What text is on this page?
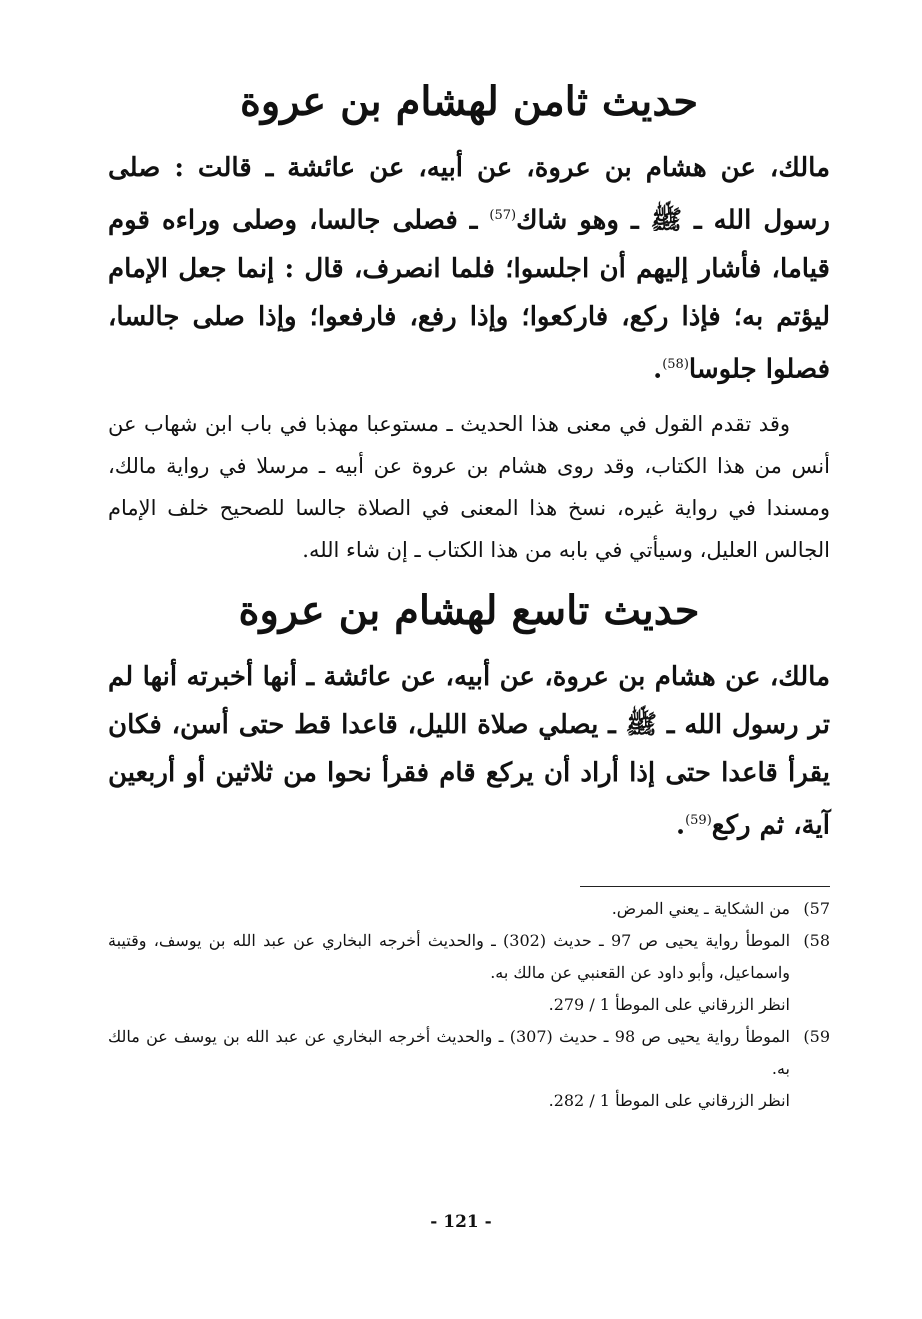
حديث ثامن لهشام بن عروة

مالك، عن هشام بن عروة، عن أبيه، عن عائشة ـ قالت : صلى رسول الله ـ ﷺ ـ وهو شاك$^{(57)}$ ـ فصلى جالسا، وصلى وراءه قوم قياما، فأشار إليهم أن اجلسوا؛ فلما انصرف، قال : إنما جعل الإمام ليؤتم به؛ فإذا ركع، فاركعوا؛ وإذا رفع، فارفعوا؛ وإذا صلى جالسا، فصلوا جلوسا$^{(58)}$.

وقد تقدم القول في معنى هذا الحديث ـ مستوعبا مهذبا في باب ابن شهاب عن أنس من هذا الكتاب، وقد روى هشام بن عروة عن أبيه ـ مرسلا في رواية مالك، ومسندا في رواية غيره، نسخ هذا المعنى في الصلاة جالسا للصحيح خلف الإمام الجالس العليل، وسيأتي في بابه من هذا الكتاب ـ إن شاء الله.

حديث تاسع لهشام بن عروة

مالك، عن هشام بن عروة، عن أبيه، عن عائشة ـ أنها أخبرته أنها لم تر رسول الله ـ ﷺ ـ يصلي صلاة الليل، قاعدا قط حتى أسن، فكان يقرأ قاعدا حتى إذا أراد أن يركع قام فقرأ نحوا من ثلاثين أو أربعين آية، ثم ركع$^{(59)}$.

57)
من الشكاية ـ يعني المرض.
58)
الموطأ رواية يحيى ص 97 ـ حديث (302) ـ والحديث أخرجه البخاري عن عبد الله بن يوسف، وقتيبة واسماعيل، وأبو داود عن القعنبي عن مالك به.
انظر الزرقاني على الموطأ 1 / 279.
59)
الموطأ رواية يحيى ص 98 ـ حديث (307) ـ والحديث أخرجه البخاري عن عبد الله بن يوسف عن مالك به.
انظر الزرقاني على الموطأ 1 / 282.
- 121 -
